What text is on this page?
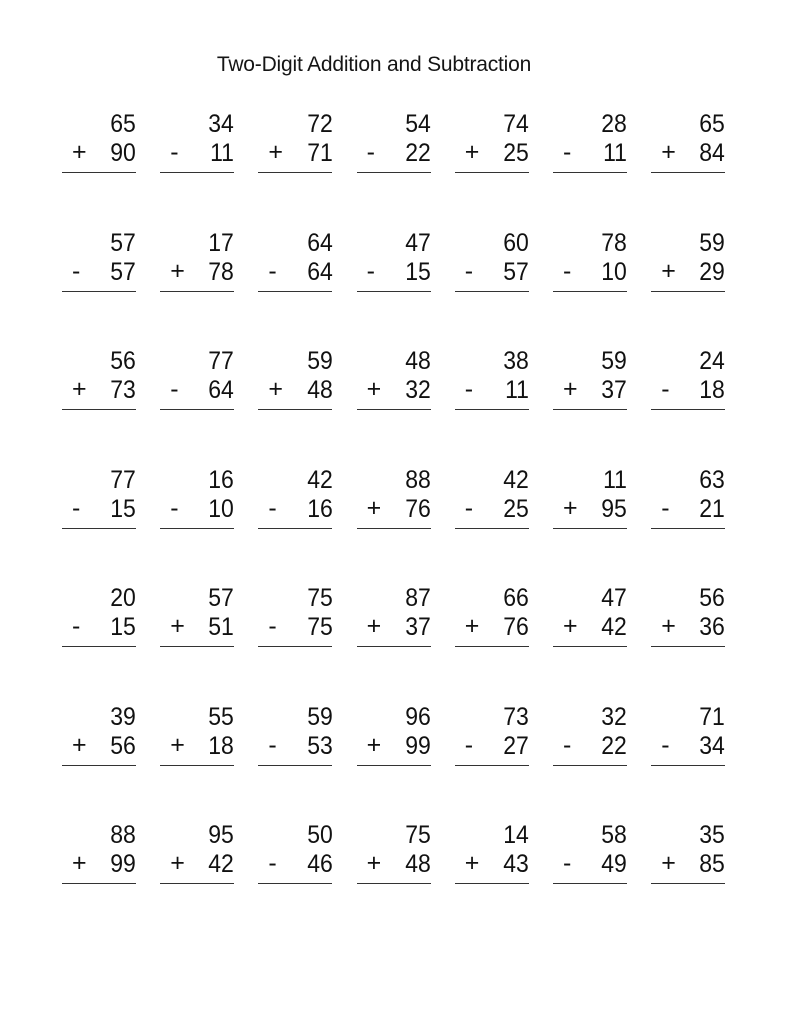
Two-Digit Addition and Subtraction
65
+ 90
34
- 11
72
+ 71
54
- 22
74
+ 25
28
- 11
65
+ 84
57
- 57
17
+ 78
64
- 64
47
- 15
60
- 57
78
- 10
59
+ 29
56
+ 73
77
- 64
59
+ 48
48
+ 32
38
- 11
59
+ 37
24
- 18
77
- 15
16
- 10
42
- 16
88
+ 76
42
- 25
11
+ 95
63
- 21
20
- 15
57
+ 51
75
- 75
87
+ 37
66
+ 76
47
+ 42
56
+ 36
39
+ 56
55
+ 18
59
- 53
96
+ 99
73
- 27
32
- 22
71
- 34
88
+ 99
95
+ 42
50
- 46
75
+ 48
14
+ 43
58
- 49
35
+ 85
